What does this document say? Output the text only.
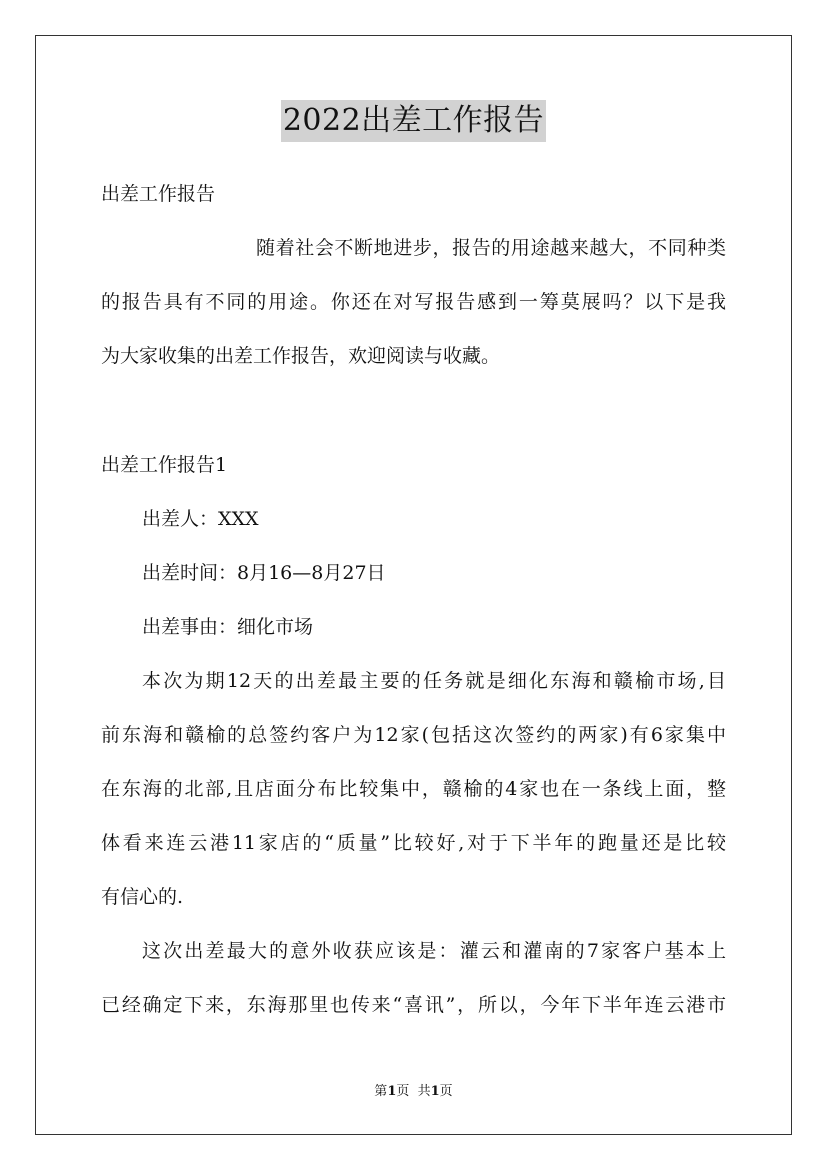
2022出差工作报告
出差工作报告
随着社会不断地进步，报告的用途越来越大，不同种类
的报告具有不同的用途。你还在对写报告感到一筹莫展吗？以下是我
为大家收集的出差工作报告，欢迎阅读与收藏。
出差工作报告1
出差人：XXX
出差时间：8月16—8月27日
出差事由：细化市场
本次为期12天的出差最主要的任务就是细化东海和赣榆市场,目
前东海和赣榆的总签约客户为12家(包括这次签约的两家)有6家集中
在东海的北部,且店面分布比较集中，赣榆的4家也在一条线上面，整
体看来连云港11家店的“质量”比较好,对于下半年的跑量还是比较
有信心的.
这次出差最大的意外收获应该是：灌云和灌南的7家客户基本上
已经确定下来，东海那里也传来“喜讯”，所以，今年下半年连云港市
第1页  共1页
